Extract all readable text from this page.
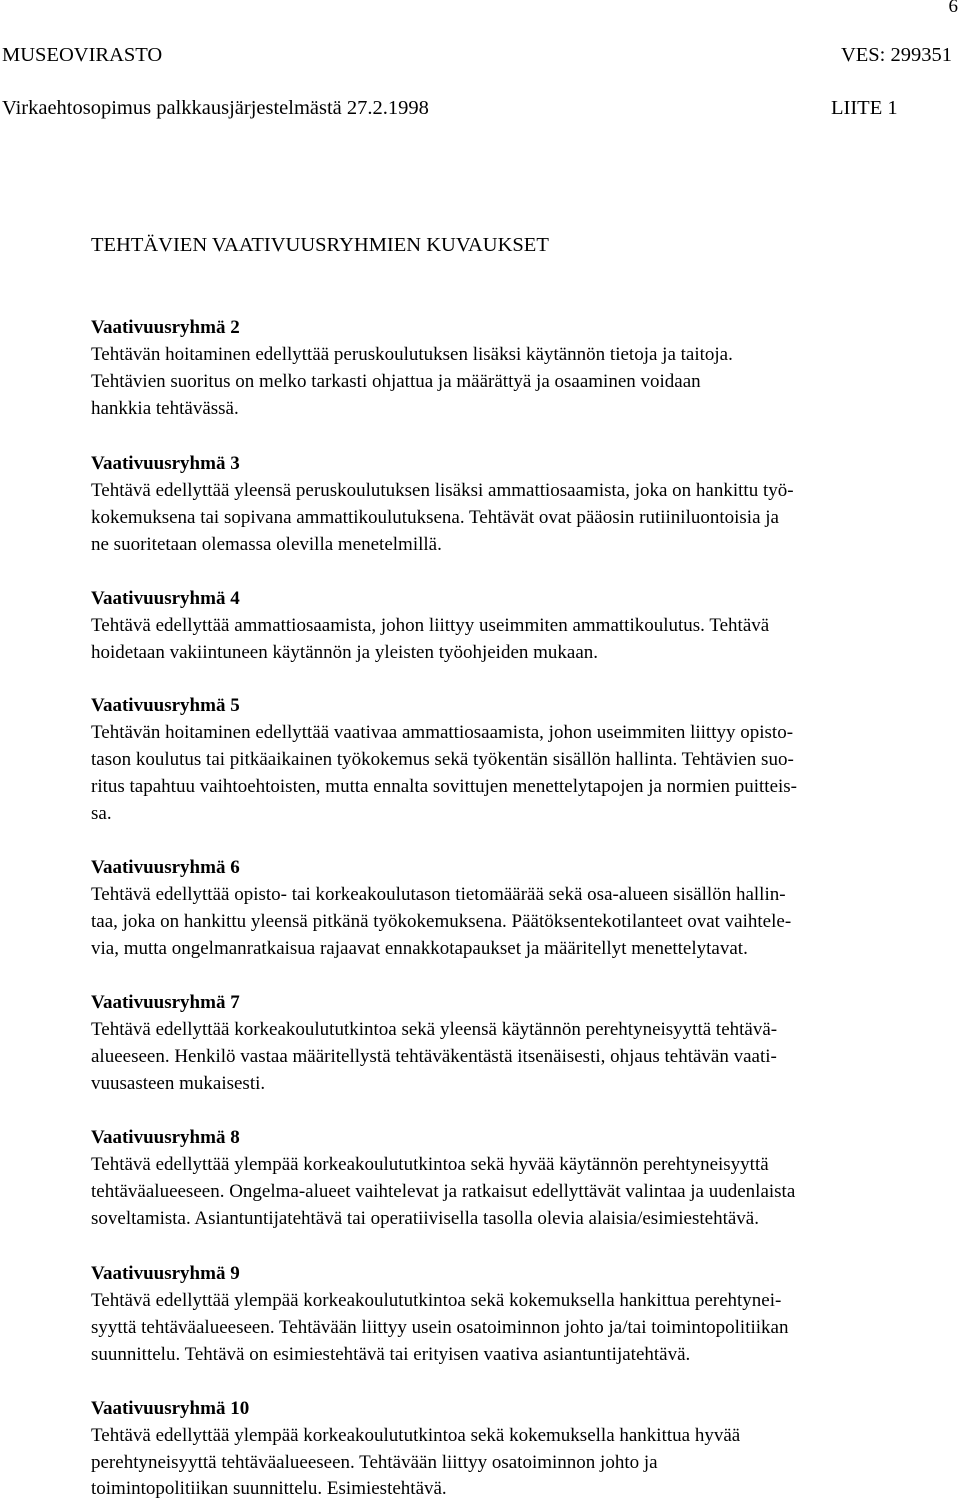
6
MUSEOVIRASTO	VES: 299351
Virkaehtosopimus palkkausjärjestelmästä 27.2.1998	LIITE 1
TEHTÄVIEN VAATIVUUSRYHMIEN KUVAUKSET
Vaativuusryhmä 2
Tehtävän hoitaminen edellyttää peruskoulutuksen lisäksi käytännön tietoja ja taitoja.
Tehtävien suoritus on melko tarkasti ohjattua ja määrättyä ja osaaminen voidaan
hankkia tehtävässä.
Vaativuusryhmä 3
Tehtävä edellyttää yleensä peruskoulutuksen lisäksi ammattiosaamista, joka on hankittu työ-
kokemuksena tai sopivana ammattikoulutuksena. Tehtävät ovat pääosin rutiiniluontoisia ja
ne suoritetaan olemassa olevilla menetelmillä.
Vaativuusryhmä 4
Tehtävä edellyttää ammattiosaamista, johon liittyy useimmiten ammattikoulutus. Tehtävä
hoidetaan vakiintuneen käytännön ja yleisten työohjeiden mukaan.
Vaativuusryhmä 5
Tehtävän hoitaminen edellyttää vaativaa ammattiosaamista, johon useimmiten liittyy opisto-
tason koulutus tai pitkäaikainen työkokemus sekä työkentän sisällön hallinta. Tehtävien suo-
ritus tapahtuu vaihtoehtoisten, mutta ennalta sovittujen menettelytapojen ja normien puitteis-
sa.
Vaativuusryhmä 6
Tehtävä edellyttää opisto- tai korkeakoulutason tietomäärää sekä osa-alueen sisällön hallin-
taa, joka on hankittu yleensä pitkänä työkokemuksena. Päätöksentekotilanteet ovat vaihtele-
via, mutta ongelmanratkaisua rajaavat ennakkotapaukset ja määritellyt menettelytavat.
Vaativuusryhmä 7
Tehtävä edellyttää korkeakoulututkintoa sekä yleensä käytännön perehtyneisyyttä tehtävä-
alueeseen. Henkilö vastaa määritellystä tehtäväkentästä itsenäisesti, ohjaus tehtävän vaati-
vuusasteen mukaisesti.
Vaativuusryhmä 8
Tehtävä edellyttää ylempää korkeakoulututkintoa sekä hyvää käytännön perehtyneisyyttä
tehtäväalueeseen. Ongelma-alueet vaihtelevat ja ratkaisut edellyttävät valintaa ja uudenlaista
soveltamista. Asiantuntijatehtävä tai operatiivisella tasolla olevia alaisia/esimiestehtävä.
Vaativuusryhmä 9
Tehtävä edellyttää ylempää korkeakoulututkintoa sekä kokemuksella hankittua perehtynei-
syyttä tehtäväalueeseen. Tehtävään liittyy usein osatoiminnon johto ja/tai toimintopolitiikan
suunnittelu. Tehtävä on esimiestehtävä tai erityisen vaativa asiantuntijatehtävä.
Vaativuusryhmä 10
Tehtävä edellyttää ylempää korkeakoulututkintoa sekä kokemuksella hankittua hyvää
perehtyneisyyttä tehtäväalueeseen. Tehtävään liittyy osatoiminnon johto ja
toimintopolitiikan suunnittelu. Esimiestehtävä.
